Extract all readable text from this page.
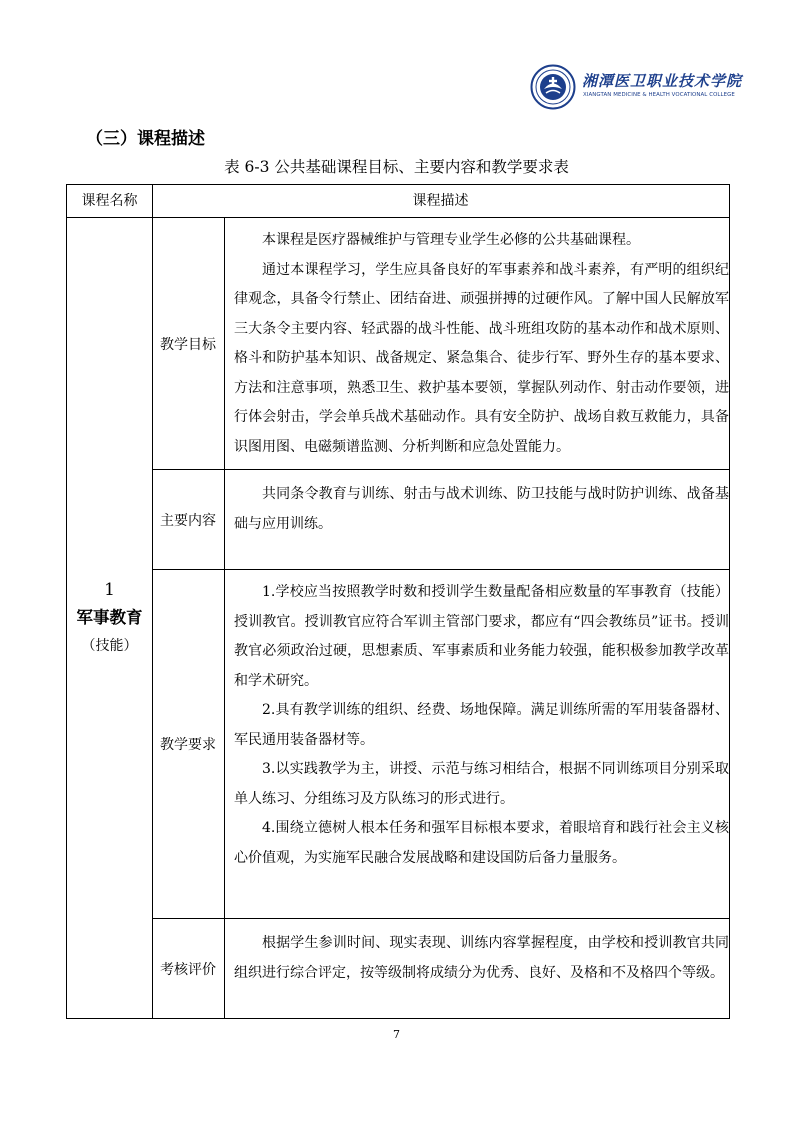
湘潭医卫职业技术学院
XIANGTAN MEDICINE & HEALTH VOCATIONAL COLLEGE
（三）课程描述
表 6-3 公共基础课程目标、主要内容和教学要求表
课程名称	课程描述
1
军事教育
（技能）
教学目标

本课程是医疗器械维护与管理专业学生必修的公共基础课程。

通过本课程学习，学生应具备良好的军事素养和战斗素养，有严明的组织纪律观念，具备令行禁止、团结奋进、顽强拼搏的过硬作风。了解中国人民解放军三大条令主要内容、轻武器的战斗性能、战斗班组攻防的基本动作和战术原则、格斗和防护基本知识、战备规定、紧急集合、徒步行军、野外生存的基本要求、方法和注意事项，熟悉卫生、救护基本要领，掌握队列动作、射击动作要领，进行体会射击，学会单兵战术基础动作。具有安全防护、战场自救互救能力，具备识图用图、电磁频谱监测、分析判断和应急处置能力。

主要内容

共同条令教育与训练、射击与战术训练、防卫技能与战时防护训练、战备基础与应用训练。

教学要求

1.学校应当按照教学时数和授训学生数量配备相应数量的军事教育（技能）授训教官。授训教官应符合军训主管部门要求，都应有“四会教练员”证书。授训教官必须政治过硬，思想素质、军事素质和业务能力较强，能积极参加教学改革和学术研究。

2.具有教学训练的组织、经费、场地保障。满足训练所需的军用装备器材、军民通用装备器材等。

3.以实践教学为主，讲授、示范与练习相结合，根据不同训练项目分别采取单人练习、分组练习及方队练习的形式进行。

4.围绕立德树人根本任务和强军目标根本要求，着眼培育和践行社会主义核心价值观，为实施军民融合发展战略和建设国防后备力量服务。

考核评价

根据学生参训时间、现实表现、训练内容掌握程度，由学校和授训教官共同组织进行综合评定，按等级制将成绩分为优秀、良好、及格和不及格四个等级。

7
